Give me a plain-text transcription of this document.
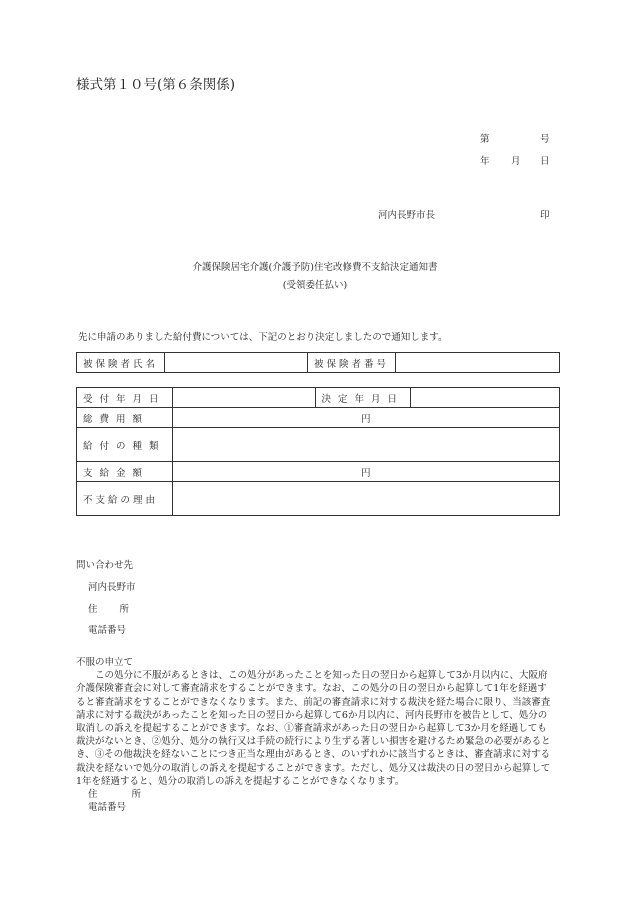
様式第１０号(第６条関係)
第	号
年 月 日
河内長野市長	印
介護保険居宅介護(介護予防)住宅改修費不支給決定通知書
(受領委任払い)
先に申請のありました給付費については、下記のとおり決定しましたので通知します。
被保険者氏名		被保険者番号	
受付年月日		決定年月日	
総費用額	円		
給付の種類			
支給金額	円		
不支給の理由			
問い合わせ先
河内長野市
住 所
電話番号

不服の申立て

この処分に不服があるときは、この処分があったことを知った日の翌日から起算して3か月以内に、大阪府介護保険審査会に対して審査請求をすることができます。なお、この処分の日の翌日から起算して1年を経過すると審査請求をすることができなくなります。また、前記の審査請求に対する裁決を経た場合に限り、当該審査請求に対する裁決があったことを知った日の翌日から起算して6か月以内に、河内長野市を被告として、処分の取消しの訴えを提起することができます。なお、①審査請求があった日の翌日から起算して3か月を経過しても裁決がないとき、②処分、処分の執行又は手続の続行により生ずる著しい損害を避けるため緊急の必要があるとき、③その他裁決を経ないことにつき正当な理由があるとき、のいずれかに該当するときは、審査請求に対する裁決を経ないで処分の取消しの訴えを提起することができます。ただし、処分又は裁決の日の翌日から起算して1年を経過すると、処分の取消しの訴えを提起することができなくなります。

住	所

電話番号
